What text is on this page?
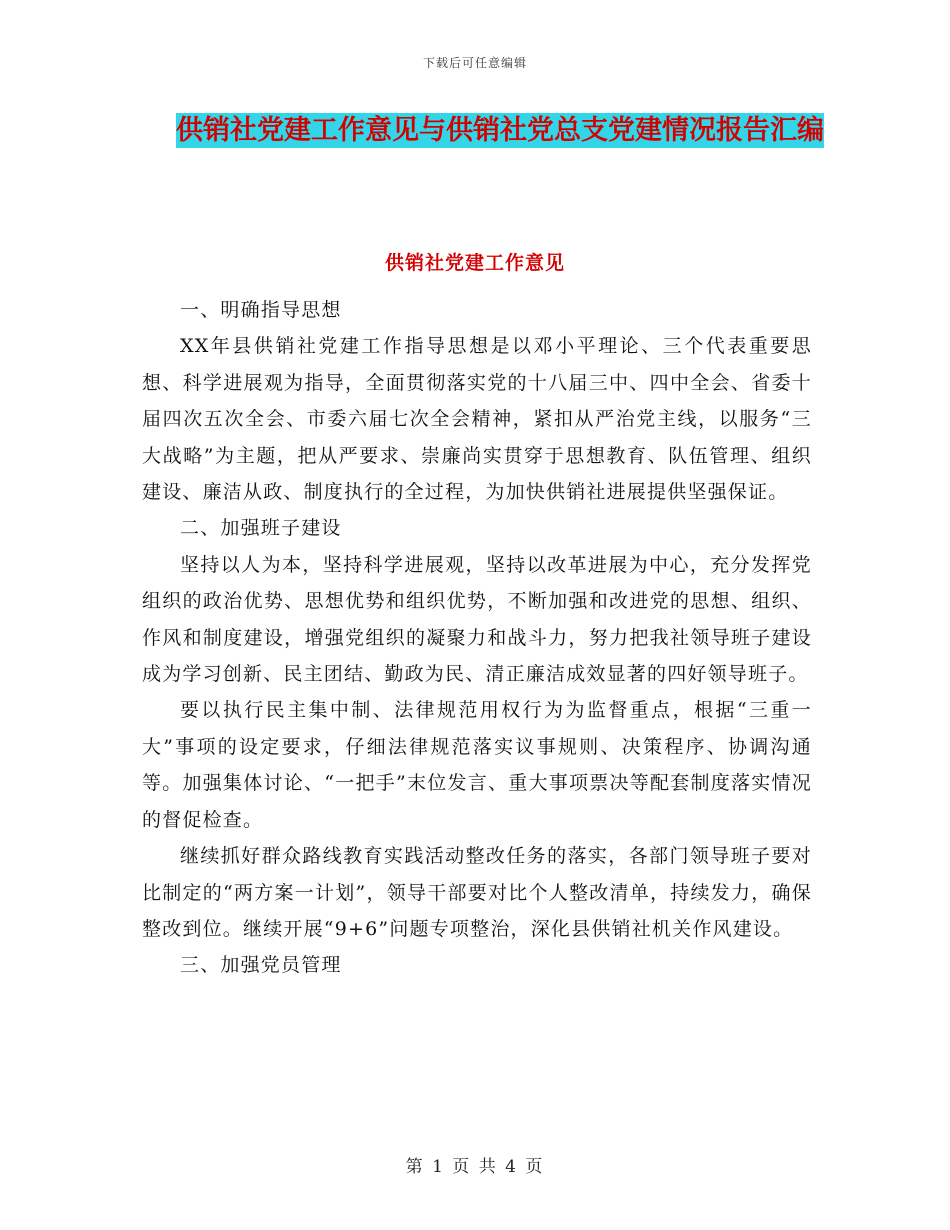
下载后可任意编辑
供销社党建工作意见与供销社党总支党建情况报告汇编
供销社党建工作意见

一、明确指导思想

XX年县供销社党建工作指导思想是以邓小平理论、三个代表重要思想、科学进展观为指导，全面贯彻落实党的十八届三中、四中全会、省委十届四次五次全会、市委六届七次全会精神，紧扣从严治党主线，以服务“三大战略”为主题，把从严要求、崇廉尚实贯穿于思想教育、队伍管理、组织建设、廉洁从政、制度执行的全过程，为加快供销社进展提供坚强保证。

二、加强班子建设

坚持以人为本，坚持科学进展观，坚持以改革进展为中心，充分发挥党组织的政治优势、思想优势和组织优势，不断加强和改进党的思想、组织、作风和制度建设，增强党组织的凝聚力和战斗力，努力把我社领导班子建设成为学习创新、民主团结、勤政为民、清正廉洁成效显著的四好领导班子。

要以执行民主集中制、法律规范用权行为为监督重点，根据“三重一大”事项的设定要求，仔细法律规范落实议事规则、决策程序、协调沟通等。加强集体讨论、“一把手”末位发言、重大事项票决等配套制度落实情况的督促检查。

继续抓好群众路线教育实践活动整改任务的落实，各部门领导班子要对比制定的“两方案一计划”，领导干部要对比个人整改清单，持续发力，确保整改到位。继续开展“9+6”问题专项整治，深化县供销社机关作风建设。

三、加强党员管理

第 1 页 共 4 页
